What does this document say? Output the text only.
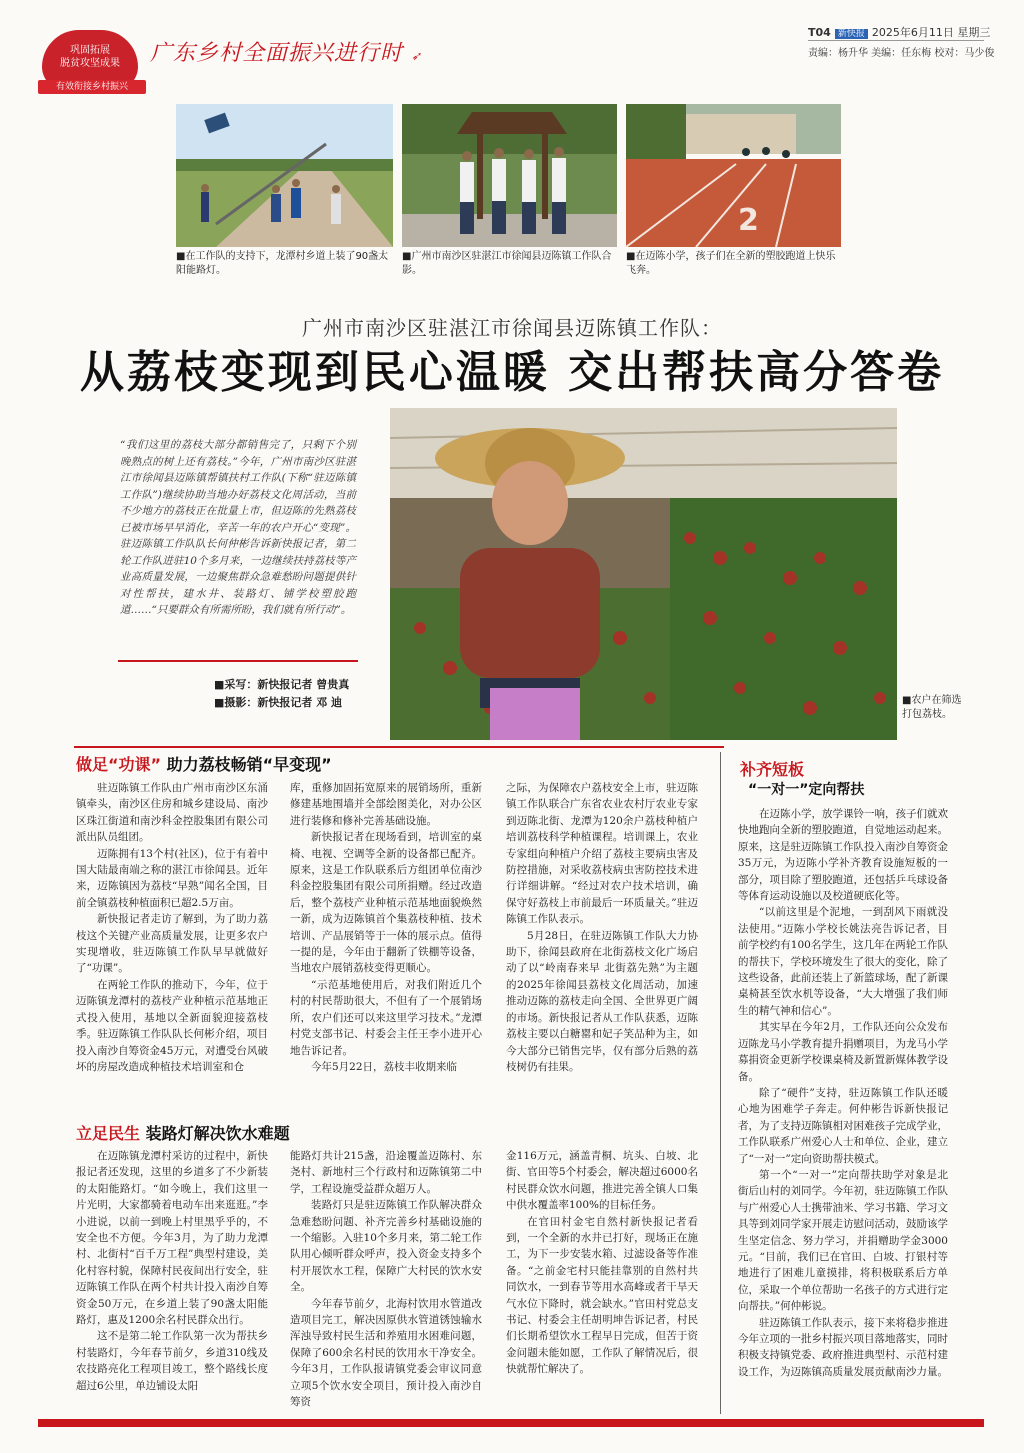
巩固拓展
脱贫攻坚成果
有效衔接乡村振兴
广东乡村全面振兴进行时 ➶
T04 新快报 2025年6月11日 星期三
责编：杨升华 美编：任东梅 校对：马少俊
2
■在工作队的支持下，龙潭村乡道上装了90盏太阳能路灯。
■广州市南沙区驻湛江市徐闻县迈陈镇工作队合影。
■在迈陈小学，孩子们在全新的塑胶跑道上快乐飞奔。
广州市南沙区驻湛江市徐闻县迈陈镇工作队：
从荔枝变现到民心温暖 交出帮扶高分答卷
“我们这里的荔枝大部分都销售完了，只剩下个别晚熟点的树上还有荔枝。”今年，广州市南沙区驻湛江市徐闻县迈陈镇帮镇扶村工作队(下称“驻迈陈镇工作队”)继续协助当地办好荔枝文化周活动，当前不少地方的荔枝正在批量上市，但迈陈的先熟荔枝已被市场早早消化，辛苦一年的农户开心“变现”。驻迈陈镇工作队队长何仲彬告诉新快报记者，第二轮工作队进驻10个多月来，一边继续扶持荔枝等产业高质量发展，一边聚焦群众急难愁盼问题提供针对性帮扶，建水井、装路灯、铺学校塑胶跑道……“只要群众有所需所盼，我们就有所行动”。
■采写：新快报记者 曾贵真
■摄影：新快报记者 邓 迪	■农户在筛选打包荔枝。
做足“功课” 助力荔枝畅销“早变现”

驻迈陈镇工作队由广州市南沙区东涌镇牵头，南沙区住房和城乡建设局、南沙区珠江街道和南沙科金控股集团有限公司派出队员组团。

迈陈拥有13个村(社区)，位于有着中国大陆最南端之称的湛江市徐闻县。近年来，迈陈镇因为荔枝“早熟”闻名全国，目前全镇荔枝种植面积已超2.5万亩。

新快报记者走访了解到，为了助力荔枝这个关键产业高质量发展，让更多农户实现增收，驻迈陈镇工作队早早就做好了“功课”。

在两轮工作队的推动下，今年，位于迈陈镇龙潭村的荔枝产业种植示范基地正式投入使用，基地以全新面貌迎接荔枝季。驻迈陈镇工作队队长何彬介绍，项目投入南沙自筹资金45万元，对遭受台风破坏的房屋改造成种植技术培训室和仓

库，重修加固拓宽原来的展销场所，重新修建基地围墙并全部绘图美化，对办公区进行装修和修补完善基础设施。

新快报记者在现场看到，培训室的桌椅、电视、空调等全新的设备都已配齐。原来，这是工作队联系后方组团单位南沙科金控股集团有限公司所捐赠。经过改造后，整个荔枝产业种植示范基地面貌焕然一新，成为迈陈镇首个集荔枝种植、技术培训、产品展销等于一体的展示点。值得一提的是，今年由于翻新了铁棚等设备，当地农户展销荔枝变得更顺心。

“示范基地使用后，对我们附近几个村的村民帮助很大，不但有了一个展销场所，农户们还可以来这里学习技术。”龙潭村党支部书记、村委会主任王李小进开心地告诉记者。

今年5月22日，荔枝丰收期来临

之际，为保障农户荔枝安全上市，驻迈陈镇工作队联合广东省农业农村厅农业专家到迈陈北街、龙潭为120余户荔枝种植户培训荔枝科学种植课程。培训课上，农业专家组向种植户介绍了荔枝主要病虫害及防控措施，对采收荔枝病虫害防控技术进行详细讲解。“经过对农户技术培训，确保守好荔枝上市前最后一环质量关。”驻迈陈镇工作队表示。

5月28日，在驻迈陈镇工作队大力协助下，徐闻县政府在北街荔枝文化广场启动了以“岭南春来早 北街荔先熟”为主题的2025年徐闻县荔枝文化周活动，加速推动迈陈的荔枝走向全国、全世界更广阔的市场。新快报记者从工作队获悉，迈陈荔枝主要以白糖罂和妃子笑品种为主，如今大部分已销售完毕，仅有部分后熟的荔枝树仍有挂果。

立足民生 装路灯解决饮水难题

在迈陈镇龙潭村采访的过程中，新快报记者还发现，这里的乡道多了不少新装的太阳能路灯。“如今晚上，我们这里一片光明，大家都骑着电动车出来逛逛。”李小进说，以前一到晚上村里黑乎乎的，不安全也不方便。今年3月，为了助力龙潭村、北街村“百千万工程”典型村建设，美化村容村貌，保障村民夜间出行安全，驻迈陈镇工作队在两个村共计投入南沙自筹资金50万元，在乡道上装了90盏太阳能路灯，惠及1200余名村民群众出行。

这不是第二轮工作队第一次为帮扶乡村装路灯，今年春节前夕，乡道310线及农技路亮化工程项目竣工，整个路线长度超过6公里，单边铺设太阳

能路灯共计215盏，沿途覆盖迈陈村、东尧村、新地村三个行政村和迈陈镇第二中学，工程设施受益群众超万人。

装路灯只是驻迈陈镇工作队解决群众急难愁盼问题、补齐完善乡村基础设施的一个缩影。入驻10个多月来，第二轮工作队用心倾听群众呼声，投入资金支持多个村开展饮水工程，保障广大村民的饮水安全。

今年春节前夕，北海村饮用水管道改造项目完工，解决因原供水管道锈蚀输水浑浊导致村民生活和养殖用水困难问题，保障了600余名村民的饮用水干净安全。今年3月，工作队报请镇党委会审议同意立项5个饮水安全项目，预计投入南沙自筹资

金116万元，涵盖青桐、坑头、白坡、北街、官田等5个村委会，解决超过6000名村民群众饮水问题，推进完善全镇人口集中供水覆盖率100%的目标任务。

在官田村金宅自然村新快报记者看到，一个全新的水井已打好，现场正在施工，为下一步安装水箱、过滤设备等作准备。“之前金宅村只能挂靠别的自然村共同饮水，一到春节等用水高峰或者干旱天气水位下降时，就会缺水。”官田村党总支书记、村委会主任胡明坤告诉记者，村民们长期希望饮水工程早日完成，但苦于资金问题未能如愿，工作队了解情况后，很快就帮忙解决了。

补齐短板
“一对一”定向帮扶

在迈陈小学，放学课铃一响，孩子们就欢快地跑向全新的塑胶跑道，自觉地运动起来。原来，这是驻迈陈镇工作队投入南沙自筹资金35万元，为迈陈小学补齐教育设施短板的一部分，项目除了塑胶跑道，还包括乒乓球设备等体育运动设施以及校道硬底化等。

“以前这里是个泥地，一到刮风下雨就没法使用。”迈陈小学校长姚法亮告诉记者，目前学校约有100名学生，这几年在两轮工作队的帮扶下，学校环境发生了很大的变化，除了这些设备，此前还装上了新篮球场，配了新课桌椅甚至饮水机等设备，“大大增强了我们师生的精气神和信心”。

其实早在今年2月，工作队还向公众发布迈陈龙马小学教育提升捐赠项目，为龙马小学募捐资金更新学校课桌椅及新置新媒体教学设备。

除了“硬件”支持，驻迈陈镇工作队还暖心地为困难学子奔走。何仲彬告诉新快报记者，为了支持迈陈镇相对困难孩子完成学业，工作队联系广州爱心人士和单位、企业，建立了“一对一”定向资助帮扶模式。

第一个“一对一”定向帮扶助学对象是北街后山村的刘同学。今年初，驻迈陈镇工作队与广州爱心人士携带油米、学习书籍、学习文具等到刘同学家开展走访慰问活动，鼓励该学生坚定信念、努力学习，并捐赠助学金3000元。“目前，我们已在官田、白坡、打银村等地进行了困难儿童摸排，将积极联系后方单位，采取一个单位帮助一名孩子的方式进行定向帮扶。”何仲彬说。

驻迈陈镇工作队表示，接下来将稳步推进今年立项的一批乡村振兴项目落地落实，同时积极支持镇党委、政府推进典型村、示范村建设工作，为迈陈镇高质量发展贡献南沙力量。
